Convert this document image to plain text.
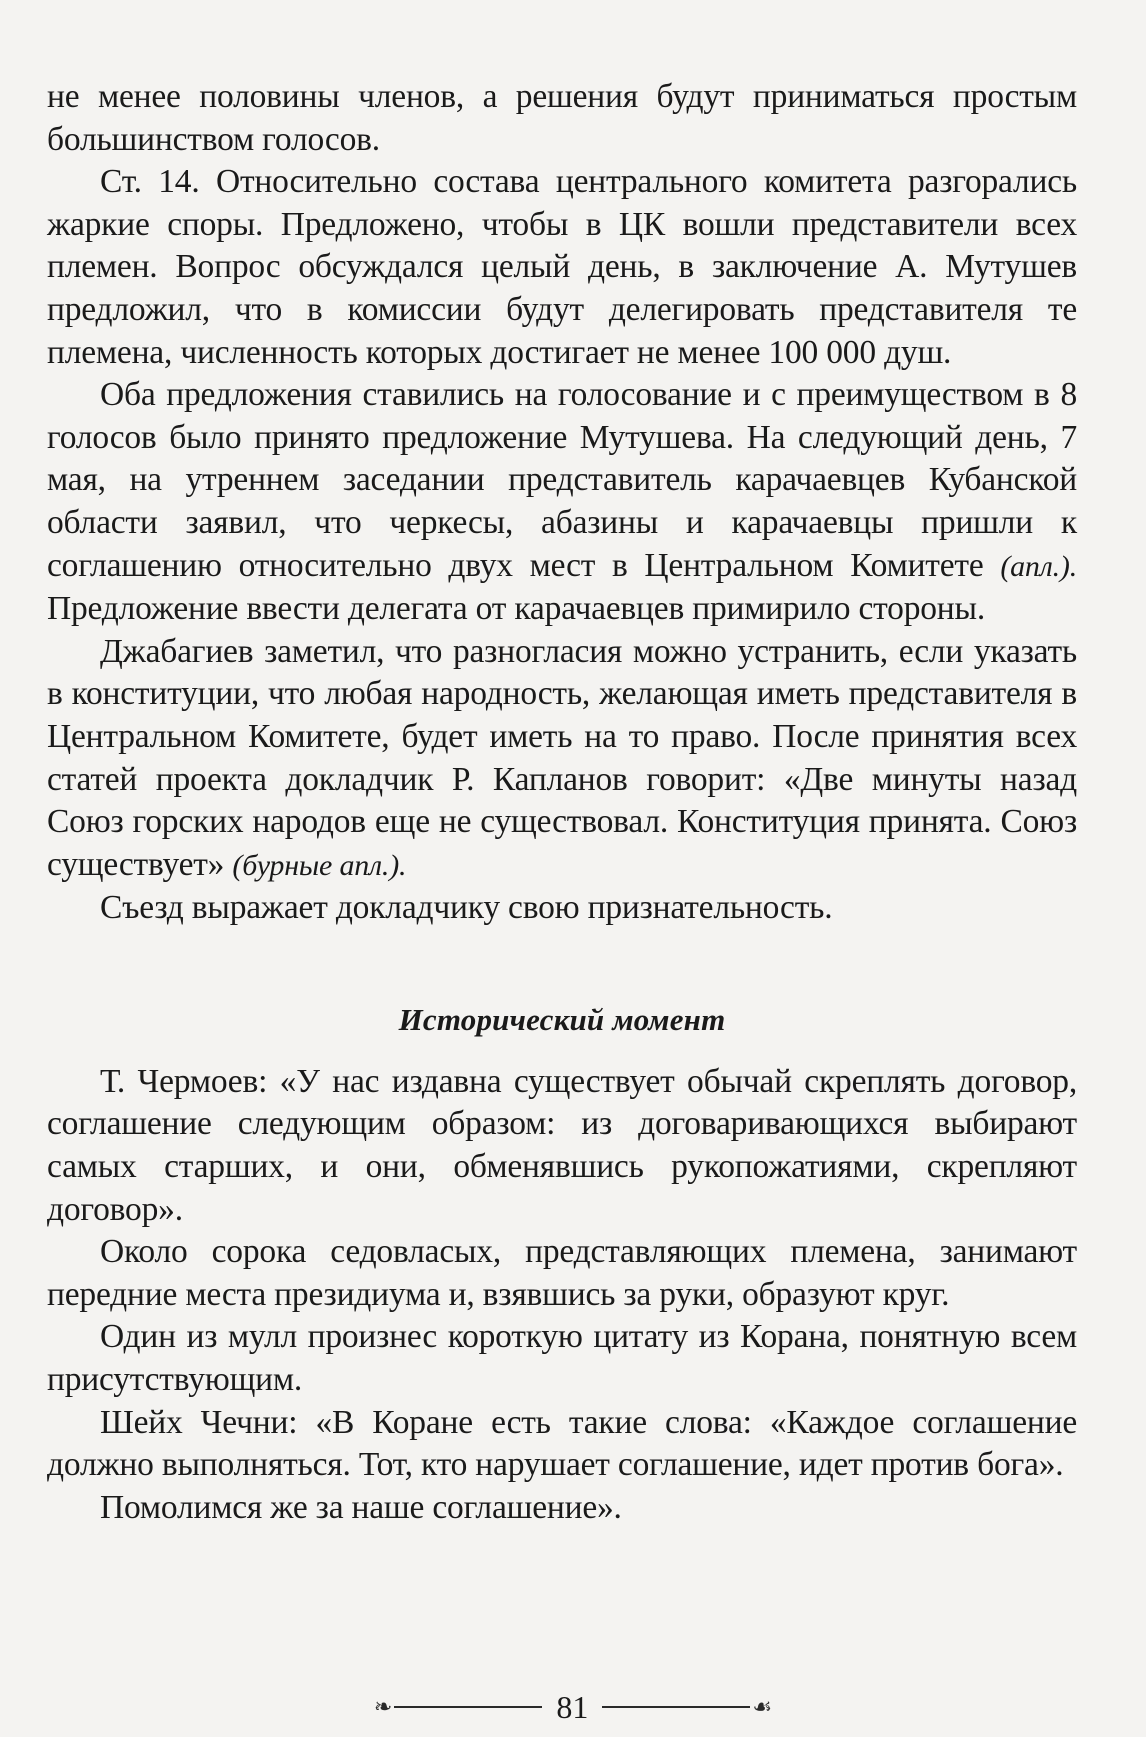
не менее половины членов, а решения будут приниматься простым большинством голосов.

Ст. 14. Относительно состава центрального комитета разгорались жаркие споры. Предложено, чтобы в ЦК вошли представители всех племен. Вопрос обсуждался целый день, в заключение А. Мутушев предложил, что в комиссии будут делегировать представителя те племена, численность которых достигает не менее 100 000 душ.

Оба предложения ставились на голосование и с преимуществом в 8 голосов было принято предложение Мутушева. На следующий день, 7 мая, на утреннем заседании представитель карачаевцев Кубанской области заявил, что черкесы, абазины и карачаевцы пришли к соглашению относительно двух мест в Центральном Комитете (апл.). Предложение ввести делегата от карачаевцев примирило стороны.

Джабагиев заметил, что разногласия можно устранить, если указать в конституции, что любая народность, желающая иметь представителя в Центральном Комитете, будет иметь на то право. После принятия всех статей проекта докладчик Р. Капланов говорит: «Две минуты назад Союз горских народов еще не существовал. Конституция принята. Союз существует» (бурные апл.).

Съезд выражает докладчику свою признательность.

Исторический момент

Т. Чермоев: «У нас издавна существует обычай скреплять договор, соглашение следующим образом: из договаривающихся выбирают самых старших, и они, обменявшись рукопожатиями, скрепляют договор».

Около сорока седовласых, представляющих племена, занимают передние места президиума и, взявшись за руки, образуют круг.

Один из мулл произнес короткую цитату из Корана, понятную всем присутствующим.

Шейх Чечни: «В Коране есть такие слова: «Каждое соглашение должно выполняться. Тот, кто нарушает соглашение, идет против бога».

Помолимся же за наше соглашение».

❧	81	☙
